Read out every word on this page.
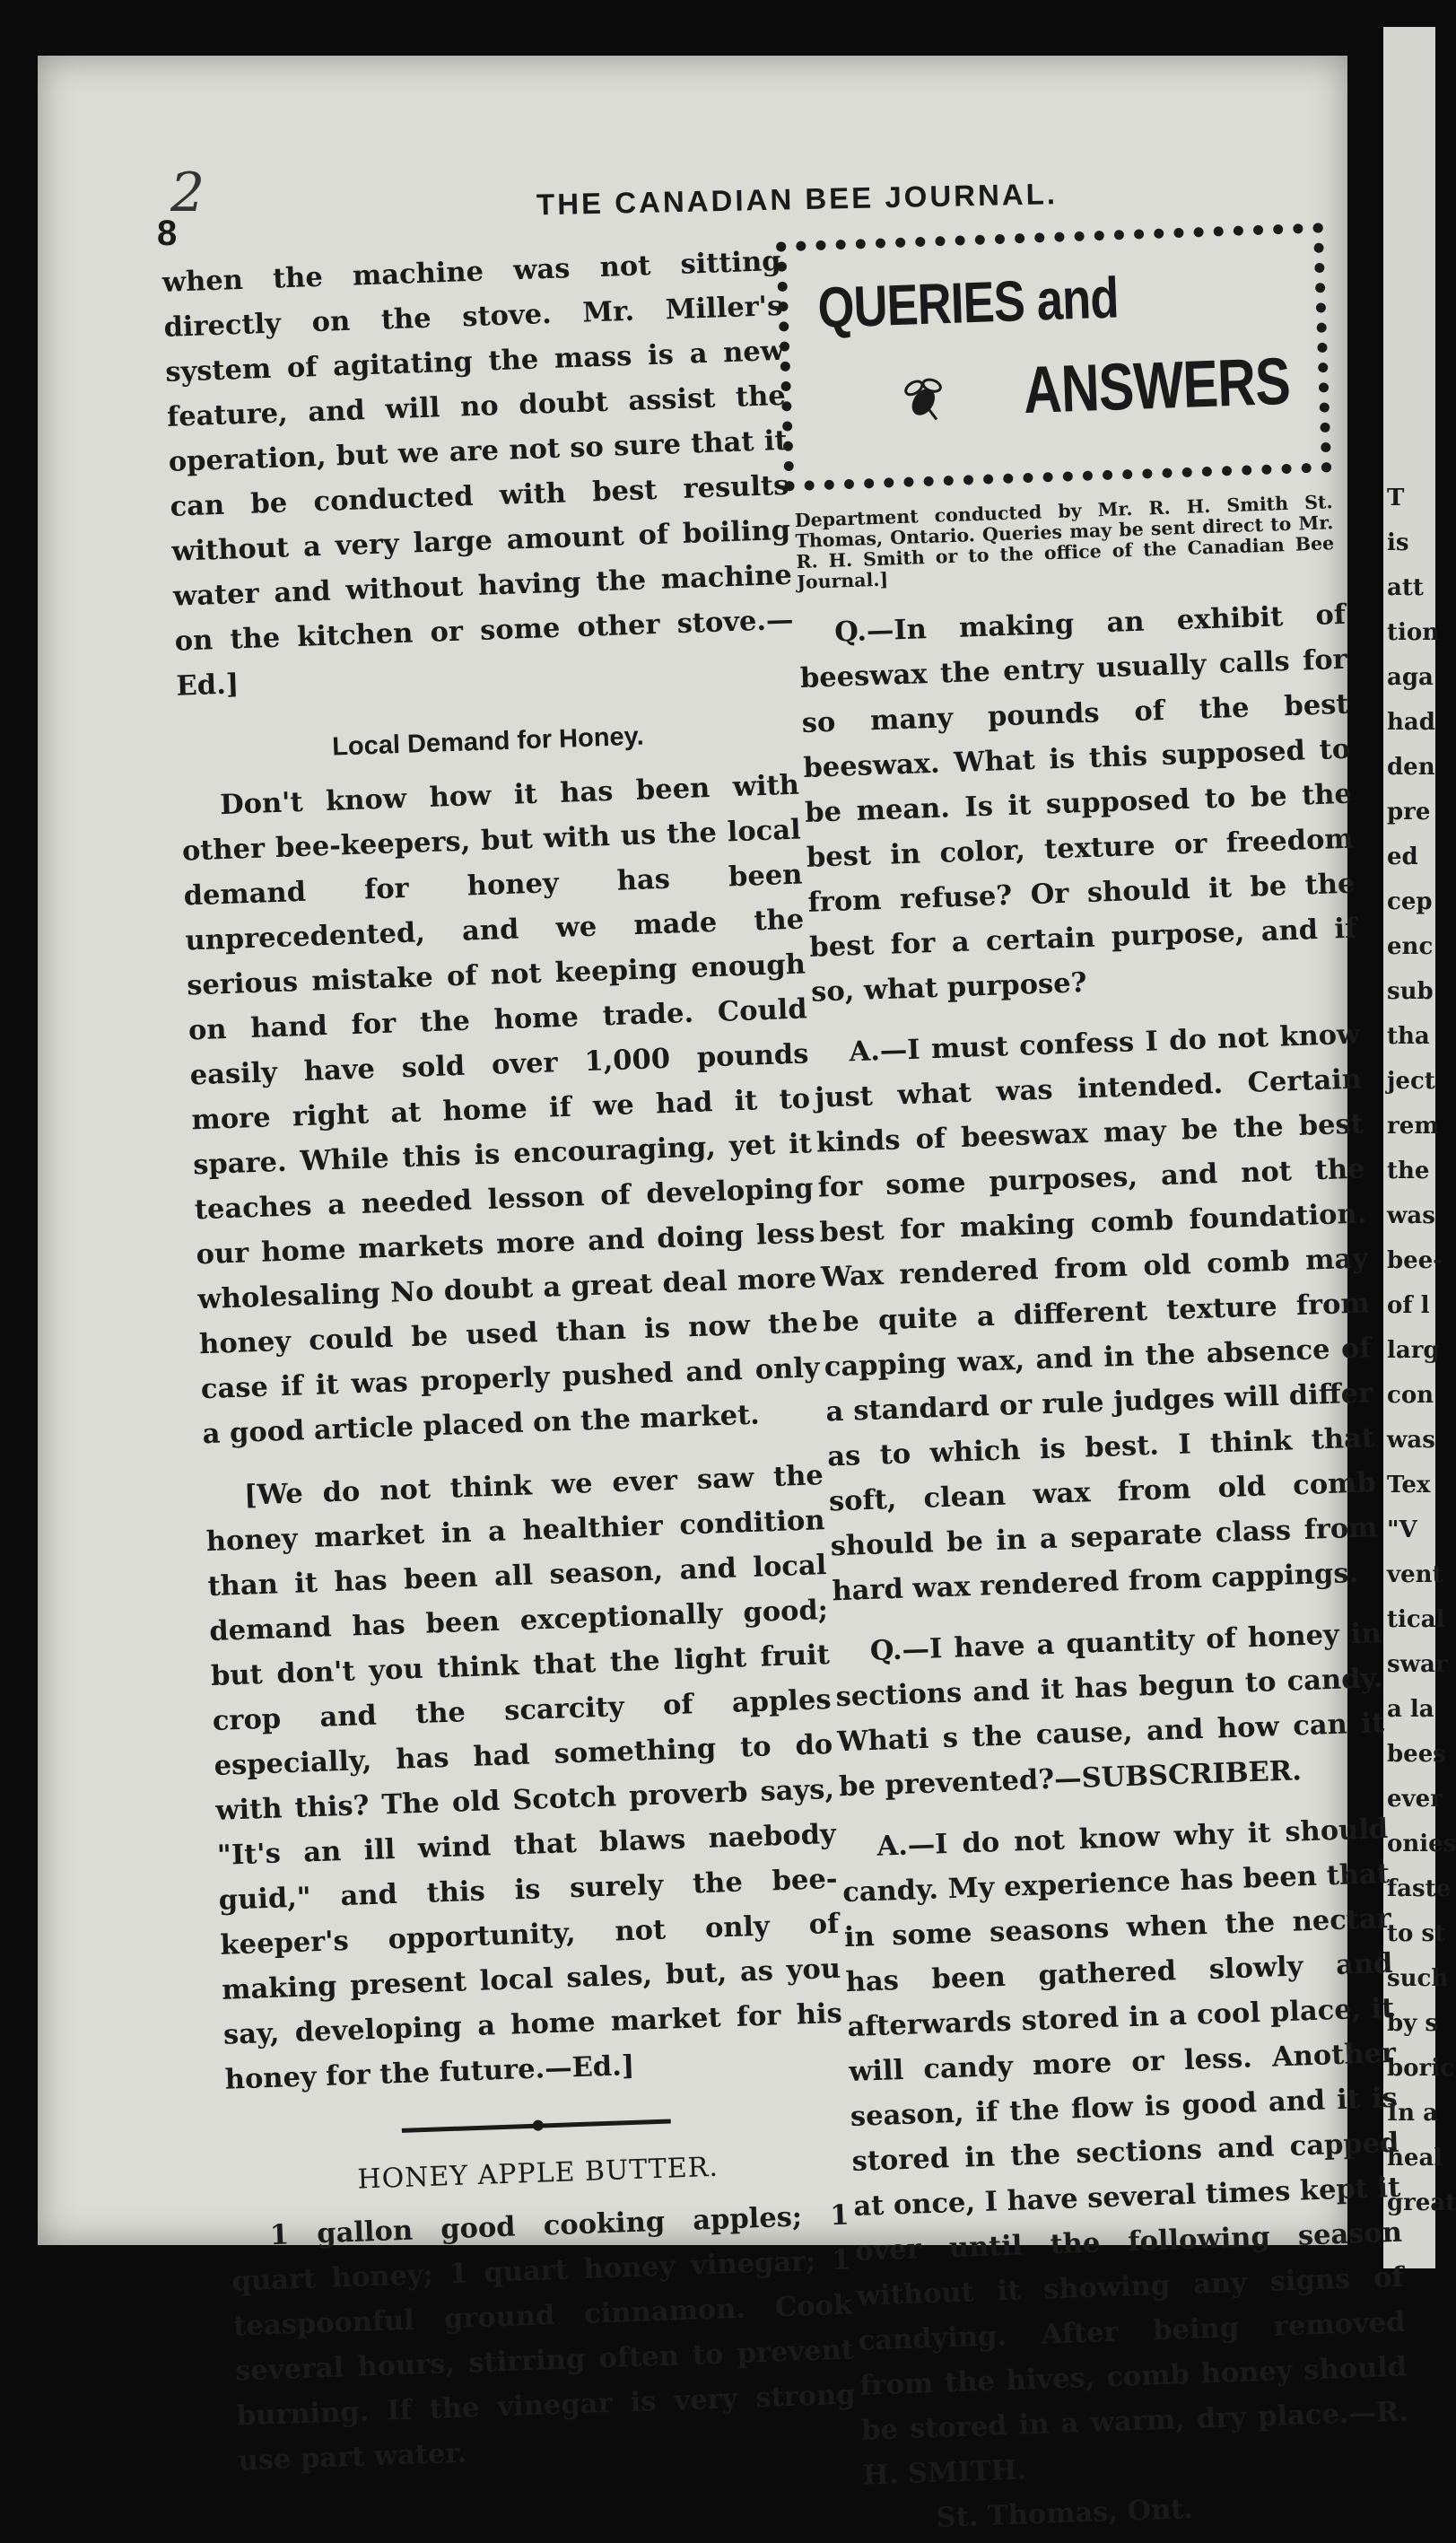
T
is
att
tion
aga
had
den
pre
ed
cep
enc
sub
tha
ject
rem
the
was
bee-
of l
larg
con
was
Tex
"V
vent
tical
swar
a la
bees
ever
onies
faste
to st
such
by s
boric
In a
heal
great
2
8
THE CANADIAN BEE JOURNAL.

when the machine was not sitting directly on the stove. Mr. Miller's system of agitating the mass is a new feature, and will no doubt assist the operation, but we are not so sure that it can be conducted with best results without a very large amount of boiling water and without having the machine on the kitchen or some other stove.—Ed.]

Local Demand for Honey.

Don't know how it has been with other bee-keepers, but with us the local demand for honey has been unprecedented, and we made the serious mistake of not keeping enough on hand for the home trade. Could easily have sold over 1,000 pounds more right at home if we had it to spare. While this is encouraging, yet it teaches a needed lesson of developing our home markets more and doing less wholesaling No doubt a great deal more honey could be used than is now the case if it was properly pushed and only a good article placed on the market.

[We do not think we ever saw the honey market in a healthier condition than it has been all season, and local demand has been exceptionally good; but don't you think that the light fruit crop and the scarcity of apples especially, has had something to do with this? The old Scotch proverb says, "It's an ill wind that blaws naebody guid," and this is surely the bee-keeper's opportunity, not only of making present local sales, but, as you say, developing a home market for his honey for the future.—Ed.]

HONEY APPLE BUTTER.

1 gallon good cooking apples; 1 quart honey; 1 quart honey vinegar; 1 teaspoonful ground cinnamon. Cook several hours, stirring often to prevent burning. If the vinegar is very strong use part water.

QUERIES and
ANSWERS
Department conducted by Mr. R. H. Smith St. Thomas, Ontario. Queries may be sent direct to Mr. R. H. Smith or to the office of the Canadian Bee Journal.]

Q.—In making an exhibit of beeswax the entry usually calls for so many pounds of the best beeswax. What is this supposed to be mean. Is it supposed to be the best in color, texture or freedom from refuse? Or should it be the best for a certain purpose, and if so, what purpose?

A.—I must confess I do not know just what was intended. Certain kinds of beeswax may be the best for some purposes, and not the best for making comb foundation. Wax rendered from old comb may be quite a different texture from capping wax, and in the absence of a standard or rule judges will differ as to which is best. I think that soft, clean wax from old comb should be in a separate class from hard wax rendered from cappings.

Q.—I have a quantity of honey in sections and it has begun to candy. Whati s the cause, and how can it be prevented?—SUBSCRIBER.

A.—I do not know why it should candy. My experience has been that in some seasons when the nectar has been gathered slowly and afterwards stored in a cool place, it will candy more or less. Another season, if the flow is good and it is stored in the sections and capped at once, I have several times kept it over until the following season without it showing any signs of candying. After being removed from the hives, comb honey should be stored in a warm, dry place.—R. H. SMITH.

St. Thomas, Ont.
